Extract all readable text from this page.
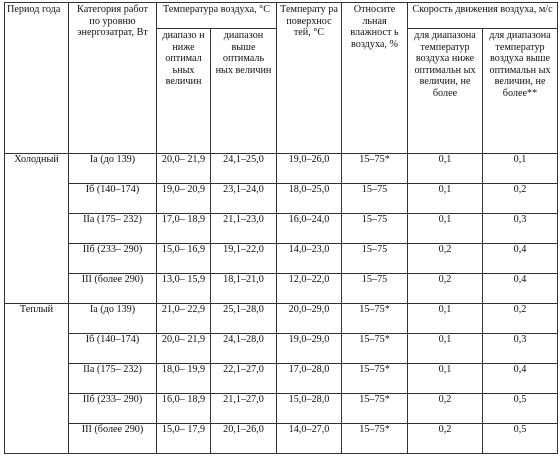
Период года	Категория работ по уровню энергозатрат, Вт	Температура воздуха, °С		Температу ра поверхнос тей, °С	Относите льная влажност ь воздуха, %	Скорость движения воздуха, м/с	
		диапазо н ниже оптимал ьных величин	диапазон выше оптималь ных величин			для диапазона температур воздуха ниже оптимальн ых величин, не более	для диапазона температур воздуха выше оптимальн ых величин, не более**
Холодный	Iа (до 139)	20,0– 21,9	24,1–25,0	19,0–26,0	15–75*	0,1	0,1
	Iб (140–174)	19,0– 20,9	23,1–24,0	18,0–25,0	15–75	0,1	0,2
	IIа (175– 232)	17,0– 18,9	21,1–23,0	16,0–24,0	15–75	0,1	0,3
	IIб (233– 290)	15,0– 16,9	19,1–22,0	14,0–23,0	15–75	0,2	0,4
	III (более 290)	13,0– 15,9	18,1–21,0	12,0–22,0	15–75	0,2	0,4
Теплый	Iа (до 139)	21,0– 22,9	25,1–28,0	20,0–29,0	15–75*	0,1	0,2
	Iб (140–174)	20,0– 21,9	24,1–28,0	19,0–29,0	15–75*	0,1	0,3
	IIа (175– 232)	18,0– 19,9	22,1–27,0	17,0–28,0	15–75*	0,1	0,4
	IIб (233– 290)	16,0– 18,9	21,1–27,0	15,0–28,0	15–75*	0,2	0,5
	III (более 290)	15,0– 17,9	20,1–26,0	14,0–27,0	15–75*	0,2	0,5
